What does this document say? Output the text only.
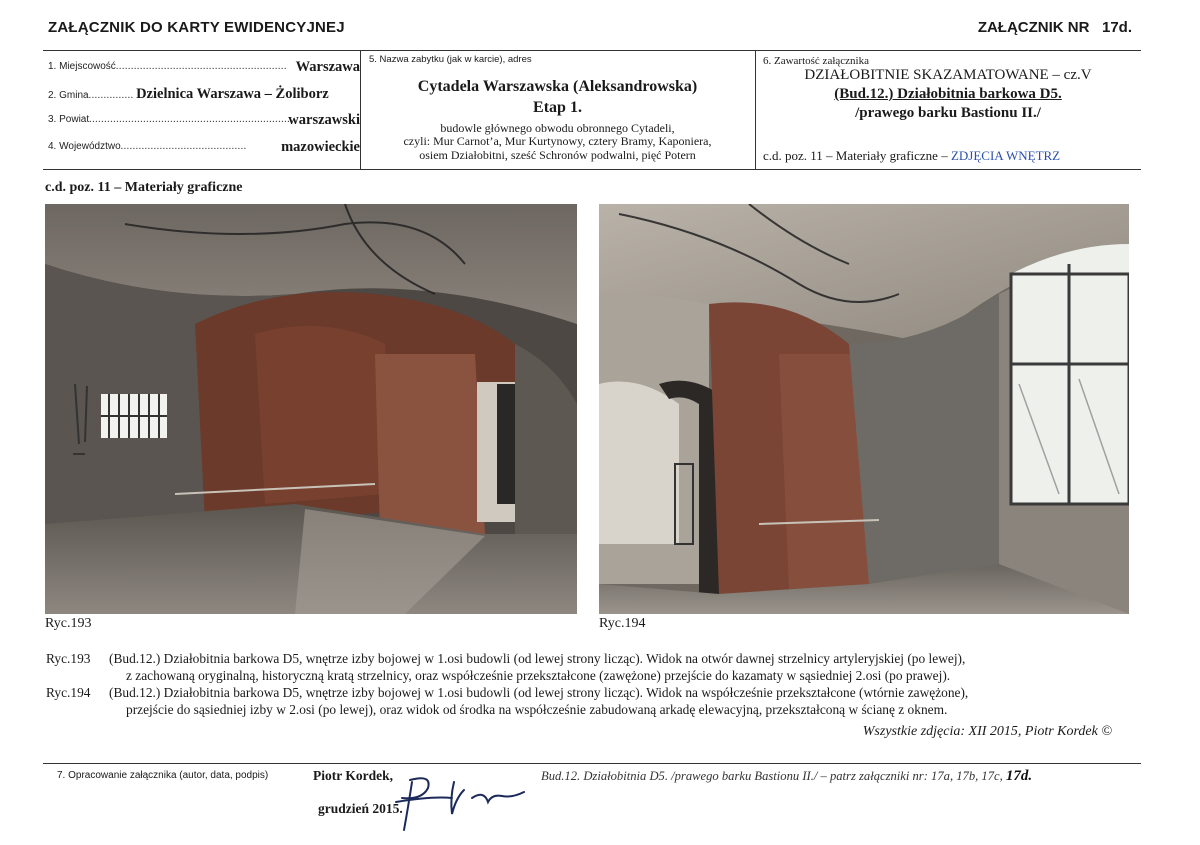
ZAŁĄCZNIK DO KARTY EWIDENCYJNEJ	ZAŁĄCZNIK NR 17d.
1. Miejscowość......................................................... Warszawa
2. Gmina............... Dzielnica Warszawa – Żoliborz
3. Powiat...................................................................
warszawski
4. Województwo.......................................... mazowieckie
5. Nazwa zabytku (jak w karcie), adres
Cytadela Warszawska (Aleksandrowska)
Etap 1.
budowle głównego obwodu obronnego Cytadeli,
czyli: Mur Carnot’a, Mur Kurtynowy, cztery Bramy, Kaponiera,
osiem Działobitni, sześć Schronów podwalni, pięć Potern
6. Zawartość załącznika
DZIAŁOBITNIE SKAZAMATOWANE – cz.V
(Bud.12.) Działobitnia barkowa D5.
/prawego barku Bastionu II./
c.d. poz. 11 – Materiały graficzne – ZDJĘCIA WNĘTRZ
c.d. poz. 11 – Materiały graficzne
Ryc.193	Ryc.194
Ryc.193 (Bud.12.) Działobitnia barkowa D5, wnętrze izby bojowej w 1.osi budowli (od lewej strony licząc). Widok na otwór dawnej strzelnicy artyleryjskiej (po lewej),
z zachowaną oryginalną, historyczną kratą strzelnicy, oraz współcześnie przekształcone (zawężone) przejście do kazamaty w sąsiedniej 2.osi (po prawej).
Ryc.194 (Bud.12.) Działobitnia barkowa D5, wnętrze izby bojowej w 1.osi budowli (od lewej strony licząc). Widok na współcześnie przekształcone (wtórnie zawężone),
przejście do sąsiedniej izby w 2.osi (po lewej), oraz widok od środka na współcześnie zabudowaną arkadę elewacyjną, przekształconą w ścianę z oknem.
Wszystkie zdjęcia: XII 2015, Piotr Kordek ©
7. Opracowanie załącznika (autor, data, podpis)	Piotr Kordek,
grudzień 2015.
Bud.12. Działobitnia D5. /prawego barku Bastionu II./ – patrz załączniki nr: 17a, 17b, 17c, 17d.
